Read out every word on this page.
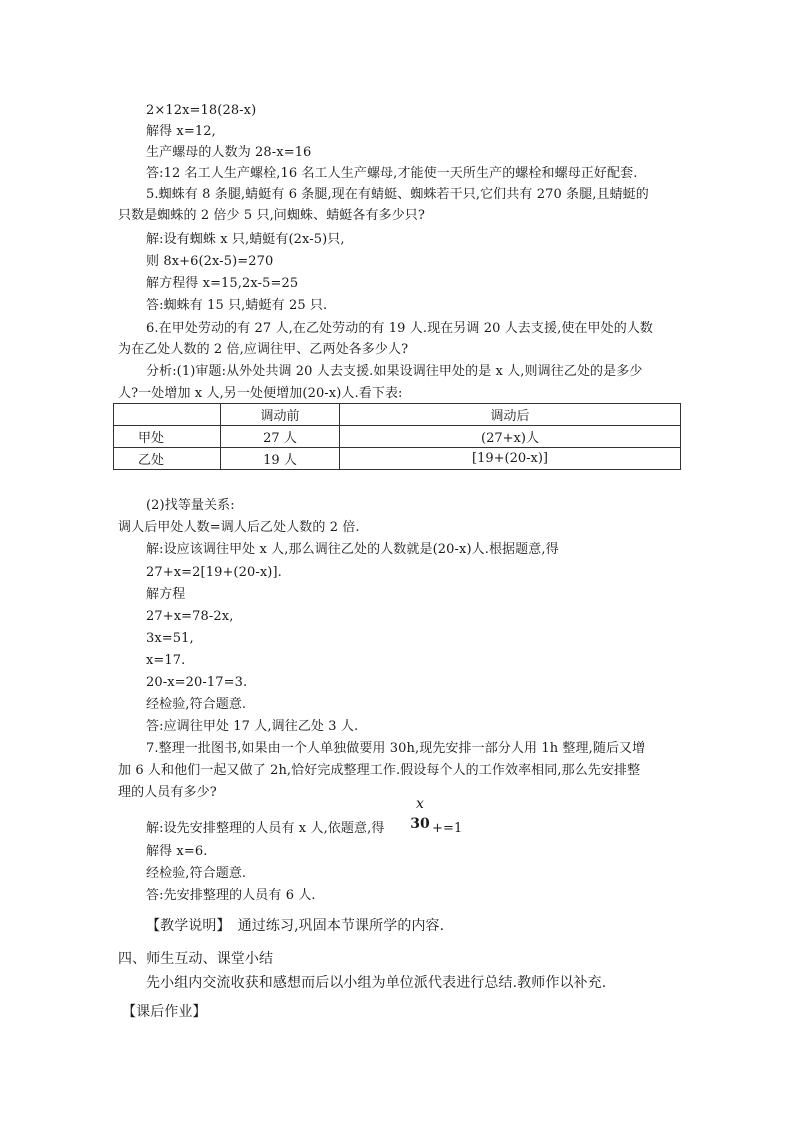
2×12x=18(28-x)
解得 x=12,
生产螺母的人数为 28-x=16
答:12 名工人生产螺栓,16 名工人生产螺母,才能使一天所生产的螺栓和螺母正好配套.
5.蜘蛛有 8 条腿,蜻蜓有 6 条腿,现在有蜻蜓、蜘蛛若干只,它们共有 270 条腿,且蜻蜓的
只数是蜘蛛的 2 倍少 5 只,问蜘蛛、蜻蜓各有多少只?
解:设有蜘蛛 x 只,蜻蜓有(2x-5)只,
则 8x+6(2x-5)=270
解方程得 x=15,2x-5=25
答:蜘蛛有 15 只,蜻蜓有 25 只.
6.在甲处劳动的有 27 人,在乙处劳动的有 19 人.现在另调 20 人去支援,使在甲处的人数
为在乙处人数的 2 倍,应调往甲、乙两处各多少人?
分析:(1)审题:从外处共调 20 人去支援.如果设调往甲处的是 x 人,则调往乙处的是多少
人?一处增加 x 人,另一处便增加(20-x)人.看下表:
	调动前	调动后
甲处	27 人	(27+x)人
乙处	19 人	[19+(20-x)]
(2)找等量关系:
调人后甲处人数=调人后乙处人数的 2 倍.
解:设应该调往甲处 x 人,那么调往乙处的人数就是(20-x)人.根据题意,得
27+x=2[19+(20-x)].
解方程
27+x=78-2x,
3x=51,
x=17.
20-x=20-17=3.
经检验,符合题意.
答:应调往甲处 17 人,调往乙处 3 人.
7.整理一批图书,如果由一个人单独做要用 30h,现先安排一部分人用 1h 整理,随后又增
加 6 人和他们一起又做了 2h,恰好完成整理工作.假设每个人的工作效率相同,那么先安排整
理的人员有多少?
解:设先安排整理的人员有 x 人,依题意,得
x
30 +=1
解得 x=6.
经检验,符合题意.
答:先安排整理的人员有 6 人.
【教学说明】　通过练习,巩固本节课所学的内容.
四、师生互动、课堂小结
先小组内交流收获和感想而后以小组为单位派代表进行总结.教师作以补充.
【课后作业】
